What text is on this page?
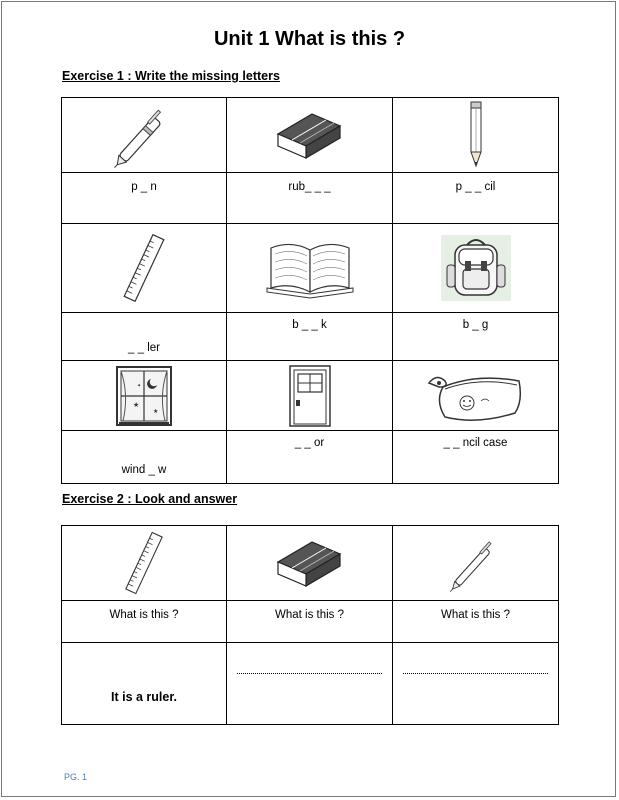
Unit 1 What is this ?
Exercise 1 : Write the missing letters

p _ n	rub_ _ _	p _ _ cil

_ _ ler	b _ _ k	b _ g

★
★
✦

wind _ w	_ _ or	_ _ ncil case
Exercise 2 : Look and answer

What is this ?	What is this ?	What is this ?

It is a ruler.		

PG. 1
